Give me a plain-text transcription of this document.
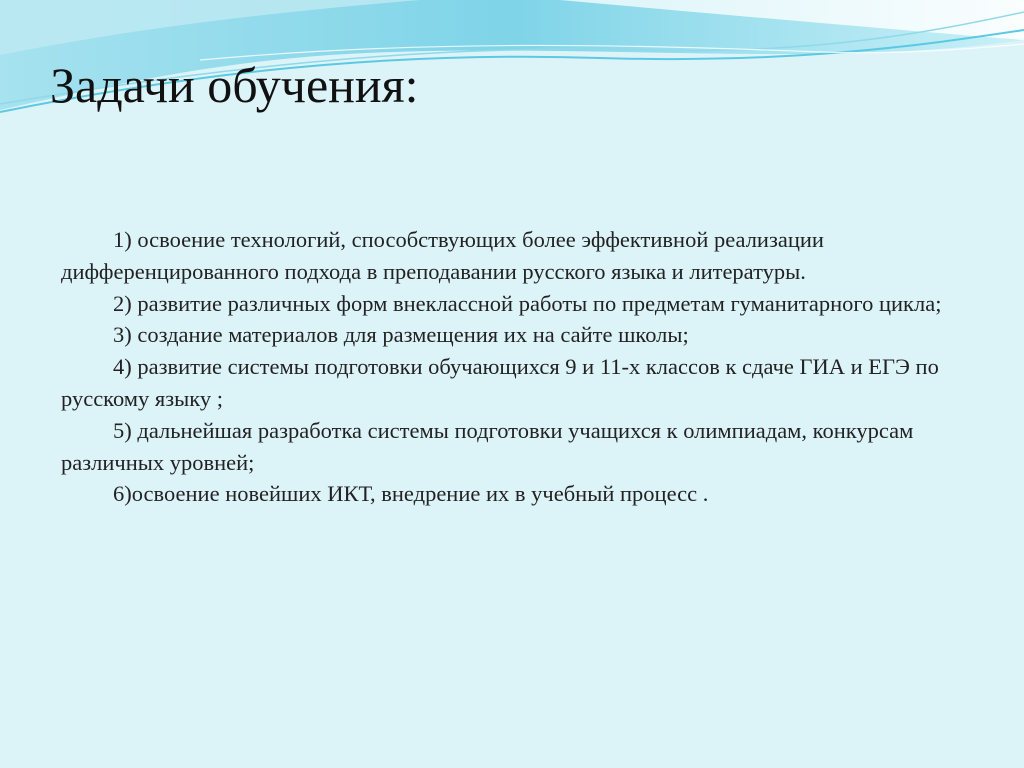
Задачи обучения:
1) освоение технологий, способствующих более эффективной реализации дифференцированного подхода в преподавании русского языка и литературы.
2) развитие различных форм внеклассной работы по предметам гуманитарного цикла;
3) создание материалов для размещения их на сайте школы;
4) развитие системы подготовки обучающихся 9 и 11-х классов к сдаче ГИА и ЕГЭ по русскому языку ;
5) дальнейшая разработка системы подготовки учащихся к олимпиадам, конкурсам различных уровней;
6)освоение новейших ИКТ, внедрение их в учебный процесс .
